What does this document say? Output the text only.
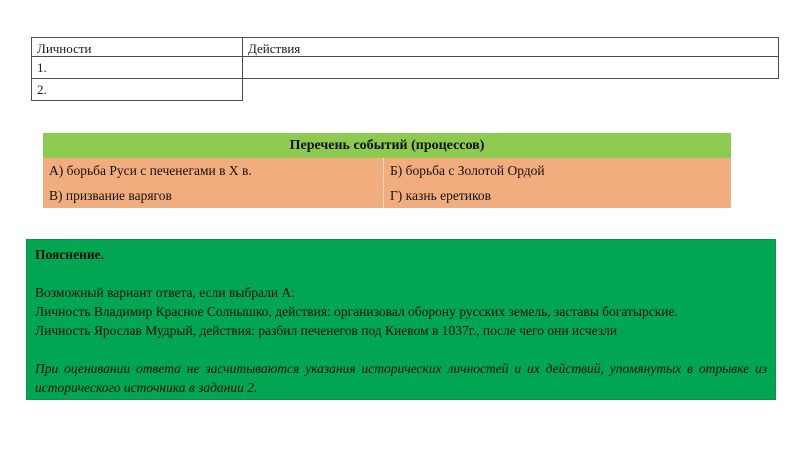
Личности	Действия
1.
2.
Перечень событий (процессов)
А) борьба Руси с печенегами в X в.	Б) борьба с Золотой Ордой
В) призвание варягов	Г) казнь еретиков

Пояснение.

Возможный вариант ответа, если выбрали А:

Личность Владимир Красное Солнышко, действия: организовал оборону русских земель, заставы богатырские.

Личность Ярослав Мудрый, действия: разбил печенегов под Киевом в 1037г., после чего они исчезли

При оценивании ответа не засчитываются указания исторических личностей и их действий, упомянутых в отрывке из исторического источника в задании 2.
